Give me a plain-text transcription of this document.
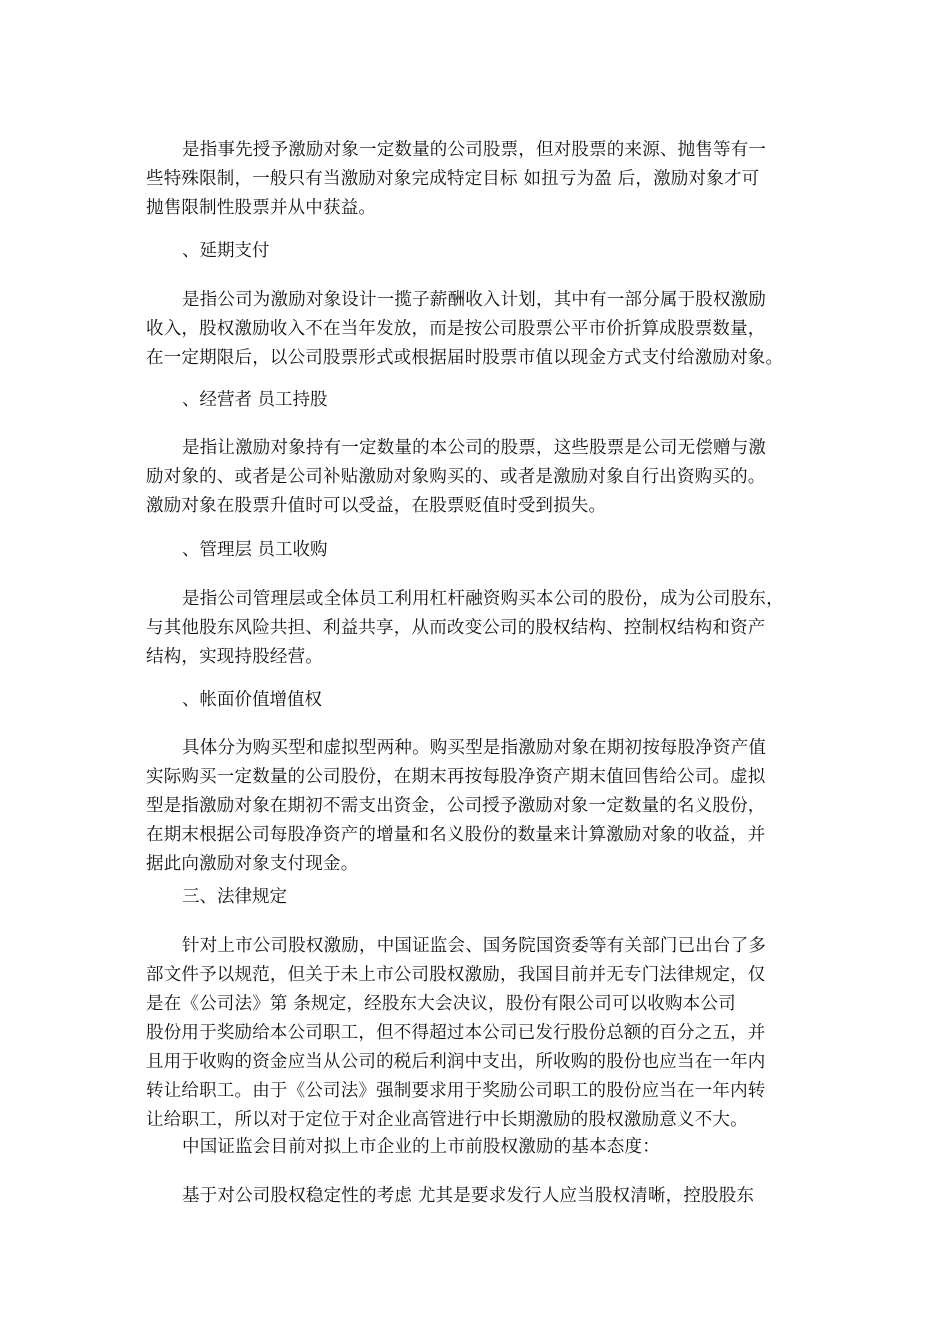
是指事先授予激励对象一定数量的公司股票，但对股票的来源、抛售等有一
些特殊限制，一般只有当激励对象完成特定目标 如扭亏为盈 后，激励对象才可
抛售限制性股票并从中获益。
、延期支付
是指公司为激励对象设计一揽子薪酬收入计划，其中有一部分属于股权激励
收入，股权激励收入不在当年发放，而是按公司股票公平市价折算成股票数量，
在一定期限后，以公司股票形式或根据届时股票市值以现金方式支付给激励对象。
、经营者 员工持股
是指让激励对象持有一定数量的本公司的股票，这些股票是公司无偿赠与激
励对象的、或者是公司补贴激励对象购买的、或者是激励对象自行出资购买的。
激励对象在股票升值时可以受益，在股票贬值时受到损失。
、管理层 员工收购
是指公司管理层或全体员工利用杠杆融资购买本公司的股份，成为公司股东，
与其他股东风险共担、利益共享，从而改变公司的股权结构、控制权结构和资产
结构，实现持股经营。
、帐面价值增值权
具体分为购买型和虚拟型两种。购买型是指激励对象在期初按每股净资产值
实际购买一定数量的公司股份，在期末再按每股净资产期末值回售给公司。虚拟
型是指激励对象在期初不需支出资金，公司授予激励对象一定数量的名义股份，
在期末根据公司每股净资产的增量和名义股份的数量来计算激励对象的收益，并
据此向激励对象支付现金。
三、法律规定
针对上市公司股权激励，中国证监会、国务院国资委等有关部门已出台了多
部文件予以规范，但关于未上市公司股权激励，我国目前并无专门法律规定，仅
是在《公司法》第 条规定，经股东大会决议，股份有限公司可以收购本公司
股份用于奖励给本公司职工，但不得超过本公司已发行股份总额的百分之五，并
且用于收购的资金应当从公司的税后利润中支出，所收购的股份也应当在一年内
转让给职工。由于《公司法》强制要求用于奖励公司职工的股份应当在一年内转
让给职工，所以对于定位于对企业高管进行中长期激励的股权激励意义不大。
中国证监会目前对拟上市企业的上市前股权激励的基本态度：
基于对公司股权稳定性的考虑 尤其是要求发行人应当股权清晰，控股股东
